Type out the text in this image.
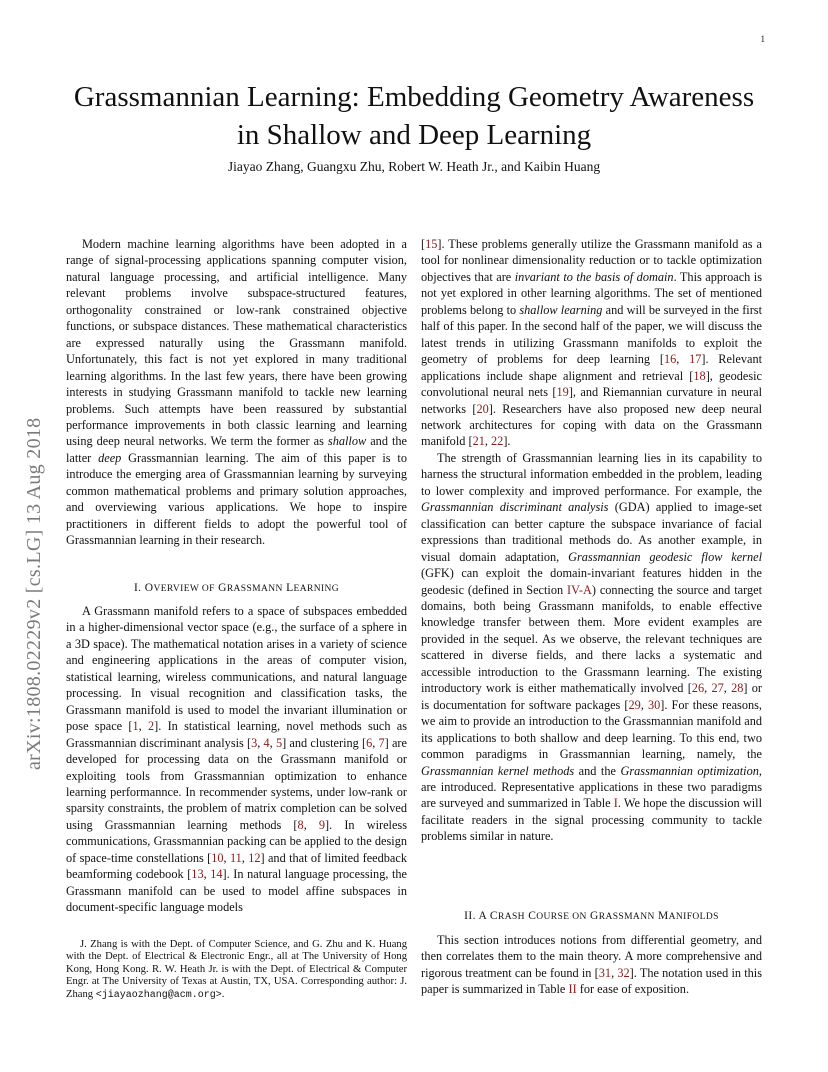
1
Grassmannian Learning: Embedding Geometry Awareness in Shallow and Deep Learning
Jiayao Zhang, Guangxu Zhu, Robert W. Heath Jr., and Kaibin Huang
arXiv:1808.02229v2 [cs.LG] 13 Aug 2018

Modern machine learning algorithms have been adopted in a range of signal-processing applications spanning computer vision, natural language processing, and artificial intelligence. Many relevant problems involve subspace-structured features, orthogonality constrained or low-rank constrained objective functions, or subspace distances. These mathematical characteristics are expressed naturally using the Grassmann manifold. Unfortunately, this fact is not yet explored in many traditional learning algorithms. In the last few years, there have been growing interests in studying Grassmann manifold to tackle new learning problems. Such attempts have been reassured by substantial performance improvements in both classic learning and learning using deep neural networks. We term the former as shallow and the latter deep Grassmannian learning. The aim of this paper is to introduce the emerging area of Grassmannian learning by surveying common mathematical problems and primary solution approaches, and overviewing various applications. We hope to inspire practitioners in different fields to adopt the powerful tool of Grassmannian learning in their research.

I. OVERVIEW OF GRASSMANN LEARNING

A Grassmann manifold refers to a space of subspaces embedded in a higher-dimensional vector space (e.g., the surface of a sphere in a 3D space). The mathematical notation arises in a variety of science and engineering applications in the areas of computer vision, statistical learning, wireless communications, and natural language processing. In visual recognition and classification tasks, the Grassmann manifold is used to model the invariant illumination or pose space [1, 2]. In statistical learning, novel methods such as Grassmannian discriminant analysis [3, 4, 5] and clustering [6, 7] are developed for processing data on the Grassmann manifold or exploiting tools from Grassmannian optimization to enhance learning performannce. In recommender systems, under low-rank or sparsity constraints, the problem of matrix completion can be solved using Grassmannian learning methods [8, 9]. In wireless communications, Grassmannian packing can be applied to the design of space-time constellations [10, 11, 12] and that of limited feedback beamforming codebook [13, 14]. In natural language processing, the Grassmann manifold can be used to model affine subspaces in document-specific language models

J. Zhang is with the Dept. of Computer Science, and G. Zhu and K. Huang with the Dept. of Electrical & Electronic Engr., all at The University of Hong Kong, Hong Kong. R. W. Heath Jr. is with the Dept. of Electrical & Computer Engr. at The University of Texas at Austin, TX, USA. Corresponding author: J. Zhang <jiayaozhang@acm.org>.

[15]. These problems generally utilize the Grassmann manifold as a tool for nonlinear dimensionality reduction or to tackle optimization objectives that are invariant to the basis of domain. This approach is not yet explored in other learning algorithms. The set of mentioned problems belong to shallow learning and will be surveyed in the first half of this paper. In the second half of the paper, we will discuss the latest trends in utilizing Grassmann manifolds to exploit the geometry of problems for deep learning [16, 17]. Relevant applications include shape alignment and retrieval [18], geodesic convolutional neural nets [19], and Riemannian curvature in neural networks [20]. Researchers have also proposed new deep neural network architectures for coping with data on the Grassmann manifold [21, 22].

The strength of Grassmannian learning lies in its capability to harness the structural information embedded in the problem, leading to lower complexity and improved performance. For example, the Grassmannian discriminant analysis (GDA) applied to image-set classification can better capture the subspace invariance of facial expressions than traditional methods do. As another example, in visual domain adaptation, Grassmannian geodesic flow kernel (GFK) can exploit the domain-invariant features hidden in the geodesic (defined in Section IV-A) connecting the source and target domains, both being Grassmann manifolds, to enable effective knowledge transfer between them. More evident examples are provided in the sequel. As we observe, the relevant techniques are scattered in diverse fields, and there lacks a systematic and accessible introduction to the Grassmann learning. The existing introductory work is either mathematically involved [26, 27, 28] or is documentation for software packages [29, 30]. For these reasons, we aim to provide an introduction to the Grassmannian manifold and its applications to both shallow and deep learning. To this end, two common paradigms in Grassmannian learning, namely, the Grassmannian kernel methods and the Grassmannian optimization, are introduced. Representative applications in these two paradigms are surveyed and summarized in Table I. We hope the discussion will facilitate readers in the signal processing community to tackle problems similar in nature.

II. A CRASH COURSE ON GRASSMANN MANIFOLDS

This section introduces notions from differential geometry, and then correlates them to the main theory. A more comprehensive and rigorous treatment can be found in [31, 32]. The notation used in this paper is summarized in Table II for ease of exposition.
